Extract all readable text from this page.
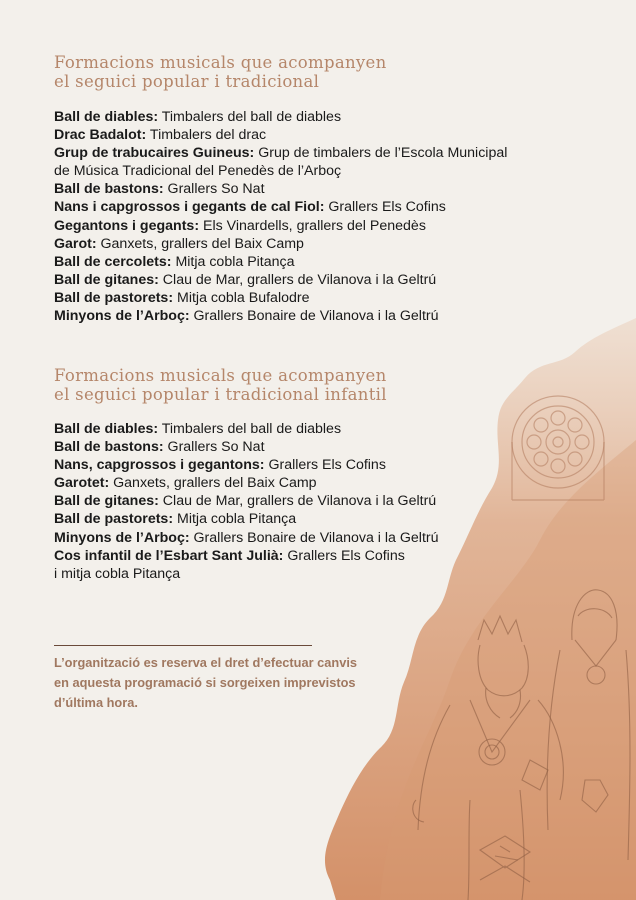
Formacions musicals que acompanyen
el seguici popular i tradicional
Ball de diables: Timbalers del ball de diables
Drac Badalot: Timbalers del drac
Grup de trabucaires Guineus: Grup de timbalers de l’Escola Municipal
de Música Tradicional del Penedès de l’Arboç
Ball de bastons: Grallers So Nat
Nans i capgrossos i gegants de cal Fiol: Grallers Els Cofins
Gegantons i gegants: Els Vinardells, grallers del Penedès
Garot: Ganxets, grallers del Baix Camp
Ball de cercolets: Mitja cobla Pitança
Ball de gitanes: Clau de Mar, grallers de Vilanova i la Geltrú
Ball de pastorets: Mitja cobla Bufalodre
Minyons de l’Arboç: Grallers Bonaire de Vilanova i la Geltrú
Formacions musicals que acompanyen
el seguici popular i tradicional infantil
Ball de diables: Timbalers del ball de diables
Ball de bastons: Grallers So Nat
Nans, capgrossos i gegantons: Grallers Els Cofins
Garotet: Ganxets, grallers del Baix Camp
Ball de gitanes: Clau de Mar, grallers de Vilanova i la Geltrú
Ball de pastorets: Mitja cobla Pitança
Minyons de l’Arboç: Grallers Bonaire de Vilanova i la Geltrú
Cos infantil de l’Esbart Sant Julià: Grallers Els Cofins
i mitja cobla Pitança

L’organització es reserva el dret d’efectuar canvis
en aquesta programació si sorgeixen imprevistos
d’última hora.
